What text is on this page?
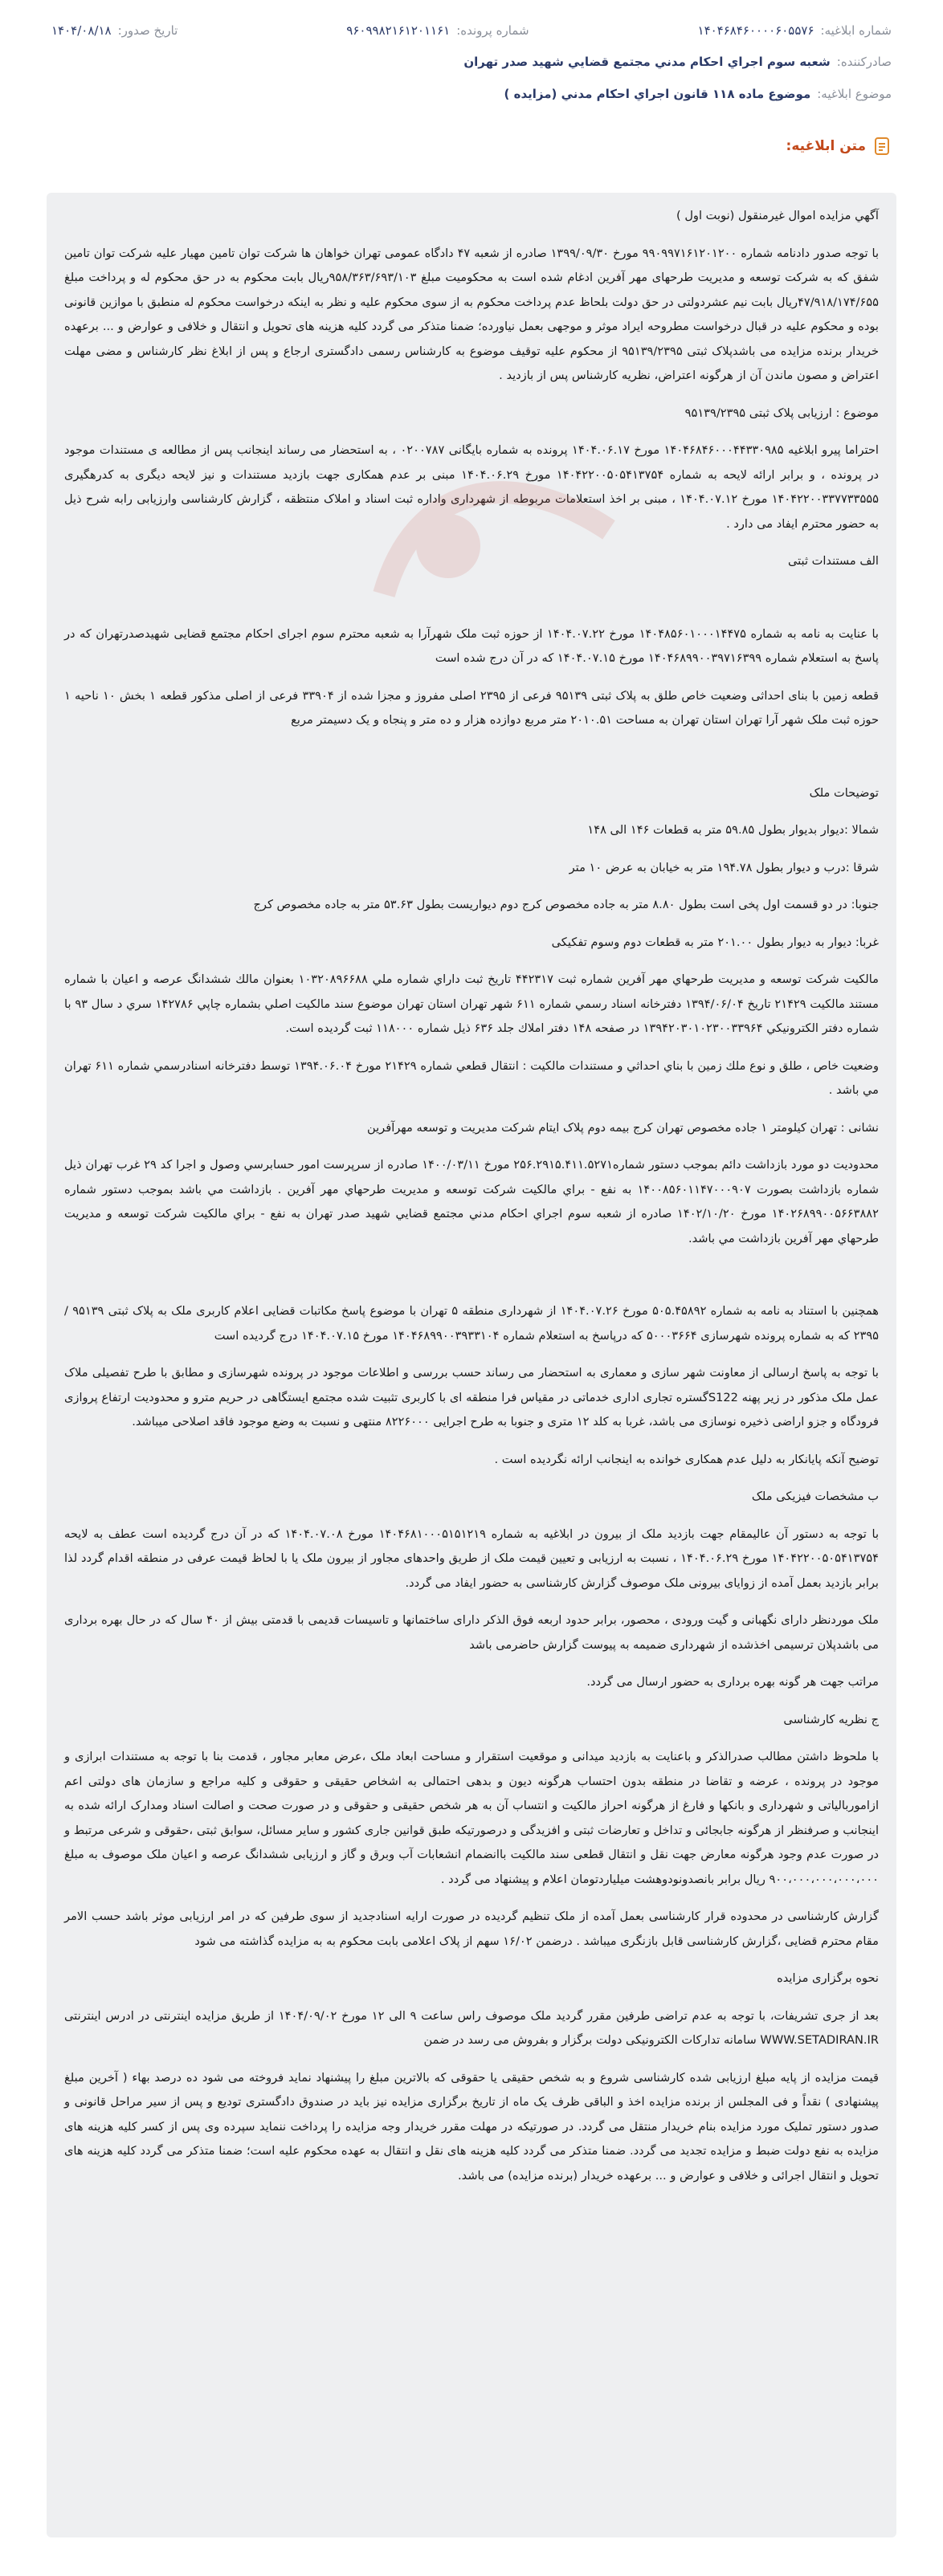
شماره ابلاغیه:
۱۴۰۴۶۸۴۶۰۰۰۰۶۰۵۵۷۶
شماره پرونده:
۹۶۰۹۹۸۲۱۶۱۲۰۱۱۶۱
تاریخ صدور:
۱۴۰۴/۰۸/۱۸
صادرکننده:
شعبه سوم اجراي احكام مدني مجتمع قضايي شهيد صدر تهران
موضوع ابلاغیه:
موضوع ماده ۱۱۸ قانون اجراي احكام مدني (مزايده )
متن ابلاغیه:

آگهي مزايده اموال غيرمنقول (نوبت اول )

با توجه صدور دادنامه شماره ۹۹۰۹۹۷۱۶۱۲۰۱۲۰۰ مورخ ۱۳۹۹/۰۹/۳۰ صادره از شعبه ۴۷ دادگاه عمومی تهران خواهان ها شرکت توان تامین مهیار علیه شرکت توان تامین شفق که به شرکت توسعه و مدیریت طرحهای مهر آفرین ادغام شده است به محکومیت مبلغ ۹۵۸/۳۶۳/۶۹۳/۱۰۳ریال بابت محکوم به در حق محکوم له و پرداخت مبلغ ۴۷/۹۱۸/۱۷۴/۶۵۵ریال بابت نیم عشردولتی در حق دولت بلحاظ عدم پرداخت محکوم به از سوی محکوم علیه و نظر به اینکه درخواست محکوم له منطبق با موازین قانونی بوده و محکوم علیه در قبال درخواست مطروحه ایراد موثر و موجهی بعمل نیاورده؛ ضمنا متذکر می گردد کلیه هزینه های تحویل و انتقال و خلافی و عوارض و ... برعهده خریدار برنده مزایده می باشدپلاک ثبتی ۹۵۱۳۹/۲۳۹۵ از محکوم علیه توقیف موضوع به کارشناس رسمی دادگستری ارجاع و پس از ابلاغ نظر کارشناس و مضی مهلت اعتراض و مصون ماندن آن از هرگونه اعتراض، نظریه کارشناس پس از بازدید .

موضوع : ارزیابی پلاک ثبتی ۹۵۱۳۹/۲۳۹۵

احتراما پیرو ابلاغیه ۱۴۰۴۶۸۴۶۰۰۰۴۴۳۳۰۹۸۵ مورخ ۱۴۰۴.۰۶.۱۷ پرونده به شماره بایگانی ۰۲۰۰۷۸۷ ، به استحضار می رساند اینجانب پس از مطالعه ی مستندات موجود در پرونده ، و برابر ارائه لایحه به شماره ۱۴۰۴۲۲۰۰۵۰۵۴۱۳۷۵۴ مورخ ۱۴۰۴.۰۶.۲۹ مبنی بر عدم همکاری جهت بازدید مستندات و نیز لایحه دیگری به کدرهگیری ۱۴۰۴۲۲۰۰۳۳۷۷۳۳۵۵۵ مورخ ۱۴۰۴.۰۷.۱۲ ، مبنی بر اخذ استعلامات مربوطه از شهرداری واداره ثبت اسناد و املاک منتظقه ، گزارش کارشناسی وارزیابی رابه شرح ذیل به حضور محترم ایفاد می دارد .

الف مستندات ثبتی

با عنایت به نامه به شماره ۱۴۰۴۸۵۶۰۱۰۰۰۱۴۴۷۵ مورخ ۱۴۰۴.۰۷.۲۲ از حوزه ثبت ملک شهرآرا به شعبه محترم سوم اجرای احکام مجتمع قضایی شهیدصدرتهران که در پاسخ به استعلام شماره ۱۴۰۴۶۸۹۹۰۰۳۹۷۱۶۳۹۹ مورخ ۱۴۰۴.۰۷.۱۵ که در آن درج شده است

قطعه زمین با بنای احداثی وضعیت خاص طلق به پلاک ثبتی ۹۵۱۳۹ فرعی از ۲۳۹۵ اصلی مفروز و مجزا شده از ۳۳۹۰۴ فرعی از اصلی مذکور قطعه ۱ بخش ۱۰ ناحیه ۱ حوزه ثبت ملک شهر آرا تهران استان تهران به مساحت ۲۰۱۰.۵۱ متر مربع دوازده هزار و ده متر و پنجاه و یک دسیمتر مربع

توضیحات ملک

شمالا :دیوار بدیوار بطول ۵۹.۸۵ متر به قطعات ۱۴۶ الی ۱۴۸

شرقا :درب و دیوار بطول ۱۹۴.۷۸ متر به خیابان به عرض ۱۰ متر

جنوبا: در دو قسمت اول پخی است بطول ۸.۸۰ متر به جاده مخصوص کرج دوم دیواریست بطول ۵۳.۶۳ متر به جاده مخصوص کرج

غربا: دیوار به دیوار بطول ۲۰۱.۰۰ متر به قطعات دوم وسوم تفکیکی

مالکیت شرکت توسعه و مدیریت طرحهاي مهر آفرين شماره ثبت ۴۴۲۳۱۷ تاريخ ثبت داراي شماره ملي ۱۰۳۲۰۸۹۶۶۸۸ بعنوان مالك ششدانگ عرصه و اعيان با شماره مستند مالكيت ۲۱۴۲۹ تاريخ ۱۳۹۴/۰۶/۰۴ دفترخانه اسناد رسمي شماره ۶۱۱ شهر تهران استان تهران موضوع سند مالكيت اصلي بشماره چاپي ۱۴۲۷۸۶ سري د سال ۹۳ با شماره دفتر الكترونيكي ۱۳۹۴۲۰۳۰۱۰۲۳۰۰۳۳۹۶۴ در صفحه ۱۴۸ دفتر املاك جلد ۶۳۶ ذيل شماره ۱۱۸۰۰۰ ثبت گرديده است.

وضعیت خاص ، طلق و نوع ملك زمين با بناي احداثي و مستندات مالكيت : انتقال قطعي شماره ۲۱۴۲۹ مورخ ۱۳۹۴.۰۶.۰۴ توسط دفترخانه اسنادرسمي شماره ۶۱۱ تهران مي باشد .

نشانی : تهران کیلومتر ۱ جاده مخصوص تهران کرج بیمه دوم پلاک ایتام شرکت مدیریت و توسعه مهرآفرین

محدوديت دو مورد بازداشت دائم بموجب دستور شماره۲۵۶.۲۹۱۵.۴۱۱.۵۲۷۱ مورخ ۱۴۰۰/۰۳/۱۱ صادره از سرپرست امور حسابرسي وصول و اجرا كد ۲۹ غرب تهران ذيل شماره بازداشت بصورت ۱۴۰۰۸۵۶۰۱۱۴۷۰۰۰۹۰۷ به نفع - براي مالكيت شركت توسعه و مديريت طرحهاي مهر آفرين . بازداشت مي باشد بموجب دستور شماره ۱۴۰۲۶۸۹۹۰۰۵۶۶۳۸۸۲ مورخ ۱۴۰۲/۱۰/۲۰ صادره از شعبه سوم اجراي احكام مدني مجتمع قضايي شهيد صدر تهران به نفع - براي مالكيت شركت توسعه و مديريت طرحهاي مهر آفرين بازداشت مي باشد.

همچنین با استناد به نامه به شماره ۵۰۵.۴۵۸۹۲ مورخ ۱۴۰۴.۰۷.۲۶ از شهرداری منطقه ۵ تهران با موضوع پاسخ مکاتبات قضایی اعلام کاربری ملک به پلاک ثبتی ۹۵۱۳۹ /۲۳۹۵ که به شماره پرونده شهرسازی ۵۰۰۰۳۶۶۴ که درپاسخ به استعلام شماره ۱۴۰۴۶۸۹۹۰۰۳۹۳۳۱۰۴ مورخ ۱۴۰۴.۰۷.۱۵ درج گردیده است

با توجه به پاسخ ارسالی از معاونت شهر سازی و معماری به استحضار می رساند حسب بررسی و اطلاعات موجود در پرونده شهرسازی و مطابق با طرح تفصیلی ملاک عمل ملک مذکور در زیر پهنه S122گستره تجاری اداری خدماتی در مقیاس فرا منطقه ای با کاربری تثبیت شده مجتمع ایستگاهی در حریم مترو و محدودیت ارتفاع پروازی فرودگاه و جزو اراضی ذخیره نوسازی می باشد، غربا به کلد ۱۲ متری و جنوبا به طرح اجرایی ۸۲۲۶۰۰۰ منتهی و نسبت به وضع موجود فاقد اصلاحی میباشد.

توضیح آنکه پایانکار به دلیل عدم همکاری خوانده به اینجانب ارائه نگردیده است .

ب مشخصات فیزیکی ملک

با توجه به دستور آن عالیمقام جهت بازدید ملک از بیرون در ابلاغیه به شماره ۱۴۰۴۶۸۱۰۰۰۵۱۵۱۲۱۹ مورخ ۱۴۰۴.۰۷.۰۸ که در آن درج گردیده است عطف به لایحه ۱۴۰۴۲۲۰۰۵۰۵۴۱۳۷۵۴ مورخ ۱۴۰۴.۰۶.۲۹ ، نسبت به ارزیابی و تعیین قیمت ملک از طریق واحدهای مجاور از بیرون ملک یا با لحاظ قیمت عرفی در منطقه اقدام گردد لذا برابر بازدید بعمل آمده از زوایای بیرونی ملک موصوف گزارش کارشناسی به حضور ایفاد می گردد.

ملک موردنظر دارای نگهبانی و گیت ورودی ، محصور، برابر حدود اربعه فوق الذکر دارای ساختمانها و تاسیسات قدیمی با قدمتی بیش از ۴۰ سال که در حال بهره برداری می باشدپلان ترسیمی اخذشده از شهرداری ضمیمه به پیوست گزارش حاضرمی باشد

مراتب جهت هر گونه بهره برداری به حضور ارسال می گردد.

ج نظریه کارشناسی

با ملحوظ داشتن مطالب صدرالذکر و باعنایت به بازدید میدانی و موقعیت استقرار و مساحت ابعاد ملک ،عرض معابر مجاور ، قدمت بنا با توجه به مستندات ابرازی و موجود در پرونده ، عرضه و تقاضا در منطقه بدون احتساب هرگونه دیون و بدهی احتمالی به اشخاص حقیقی و حقوقی و کلیه مراجع و سازمان های دولتی اعم ازاموربالیاتی و شهرداری و بانکها و فارغ از هرگونه احراز مالکیت و انتساب آن به هر شخص حقیقی و حقوقی و در صورت صحت و اصالت اسناد ومدارک ارائه شده به اینجانب و صرفنظر از هرگونه جابجائی و تداخل و تعارضات ثبتی و افزیدگی و درصورتیکه طبق قوانین جاری کشور و سایر مسائل، سوابق ثبتی ،حقوقی و شرعی مرتبط و در صورت عدم وجود هرگونه معارض جهت نقل و انتقال قطعی سند مالکیت باانضمام انشعابات آب وبرق و گاز و ارزیابی ششدانگ عرصه و اعیان ملک موصوف به مبلغ ۹۰۰،۰۰۰،۰۰۰،۰۰۰،۰۰۰ ریال برابر بانصدونودوهشت میلیاردتومان اعلام و پیشنهاد می گردد .

گزارش کارشناسی در محدوده قرار کارشناسی بعمل آمده از ملک تنظیم گردیده در صورت ارایه اسنادجدید از سوی طرفین که در امر ارزیابی موثر باشد حسب الامر مقام محترم قضایی ،گزارش کارشناسی قابل بازنگری میباشد . درضمن ۱۶/۰۲ سهم از پلاک اعلامی بابت محکوم به به مزایده گذاشته می شود

نحوه برگزاری مزایده

بعد از جری تشریفات، با توجه به عدم تراضی طرفین مقرر گردید ملک موصوف راس ساعت ۹ الی ۱۲ مورخ ۱۴۰۴/۰۹/۰۲ از طریق مزایده اینترنتی در ادرس اینترنتی WWW.SETADIRAN.IR سامانه تدارکات الکترونیکی دولت برگزار و بفروش می رسد در ضمن

قیمت مزایده از پایه مبلغ ارزیابی شده کارشناسی شروع و به شخص حقیقی یا حقوقی که بالاترین مبلغ را پیشنهاد نماید فروخته می شود ده درصد بهاء ( آخرین مبلغ پیشنهادی ) نقداً و فی المجلس از برنده مزایده اخذ و الباقی ظرف یک ماه از تاریخ برگزاری مزایده نیز باید در صندوق دادگستری تودیع و پس از سیر مراحل قانونی و صدور دستور تملیک مورد مزایده بنام خریدار منتقل می گردد. در صورتیکه در مهلت مقرر خریدار وجه مزایده را پرداخت ننماید سپرده وی پس از کسر کلیه هزینه های مزایده به نفع دولت ضبط و مزایده تجدید می گردد. ضمنا متذکر می گردد کلیه هزینه های نقل و انتقال به عهده محکوم علیه است؛ ضمنا متذکر می گردد کلیه هزینه های تحویل و انتقال اجرائی و خلافی و عوارض و ... برعهده خریدار (برنده مزایده) می باشد.
